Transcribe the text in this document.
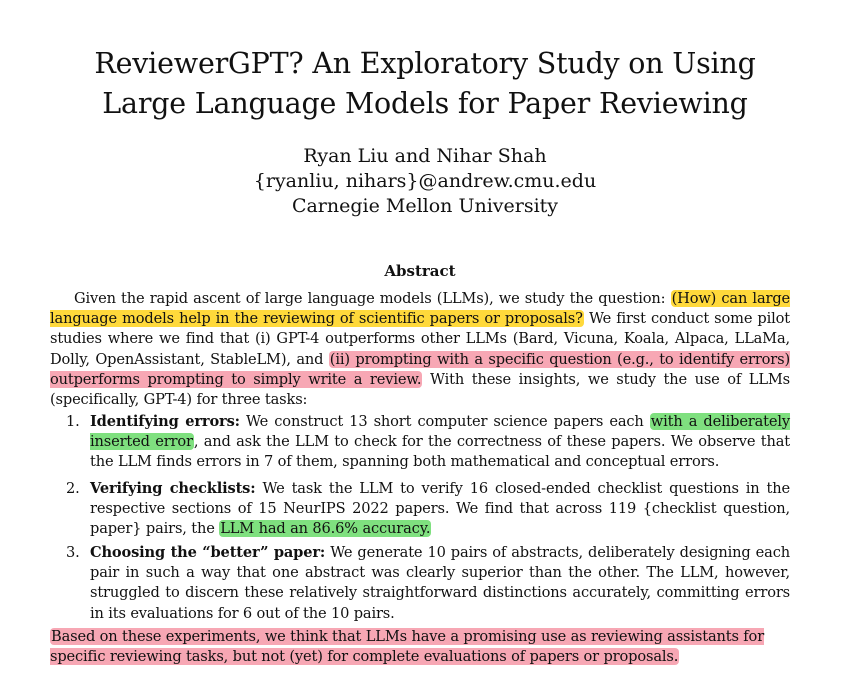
ReviewerGPT? An Exploratory Study on Using
Large Language Models for Paper Reviewing
Ryan Liu and Nihar Shah
{ryanliu, nihars}@andrew.cmu.edu
Carnegie Mellon University
Abstract
Given the rapid ascent of large language models (LLMs), we study the question: (How) can large language models help in the reviewing of scientific papers or proposals? We first conduct some pilot studies where we find that (i) GPT-4 outperforms other LLMs (Bard, Vicuna, Koala, Alpaca, LLaMa, Dolly, OpenAssistant, StableLM), and (ii) prompting with a specific question (e.g., to identify errors) outperforms prompting to simply write a review. With these insights, we study the use of LLMs (specifically, GPT-4) for three tasks:
1. Identifying errors: We construct 13 short computer science papers each with a deliberately inserted error, and ask the LLM to check for the correctness of these papers. We observe that the LLM finds errors in 7 of them, spanning both mathematical and conceptual errors.
2. Verifying checklists: We task the LLM to verify 16 closed-ended checklist questions in the respective sections of 15 NeurIPS 2022 papers. We find that across 119 {checklist question, paper} pairs, the LLM had an 86.6% accuracy.
3. Choosing the “better” paper: We generate 10 pairs of abstracts, deliberately designing each pair in such a way that one abstract was clearly superior than the other. The LLM, however, struggled to discern these relatively straightforward distinctions accurately, committing errors in its evaluations for 6 out of the 10 pairs.
Based on these experiments, we think that LLMs have a promising use as reviewing assistants for specific reviewing tasks, but not (yet) for complete evaluations of papers or proposals.
